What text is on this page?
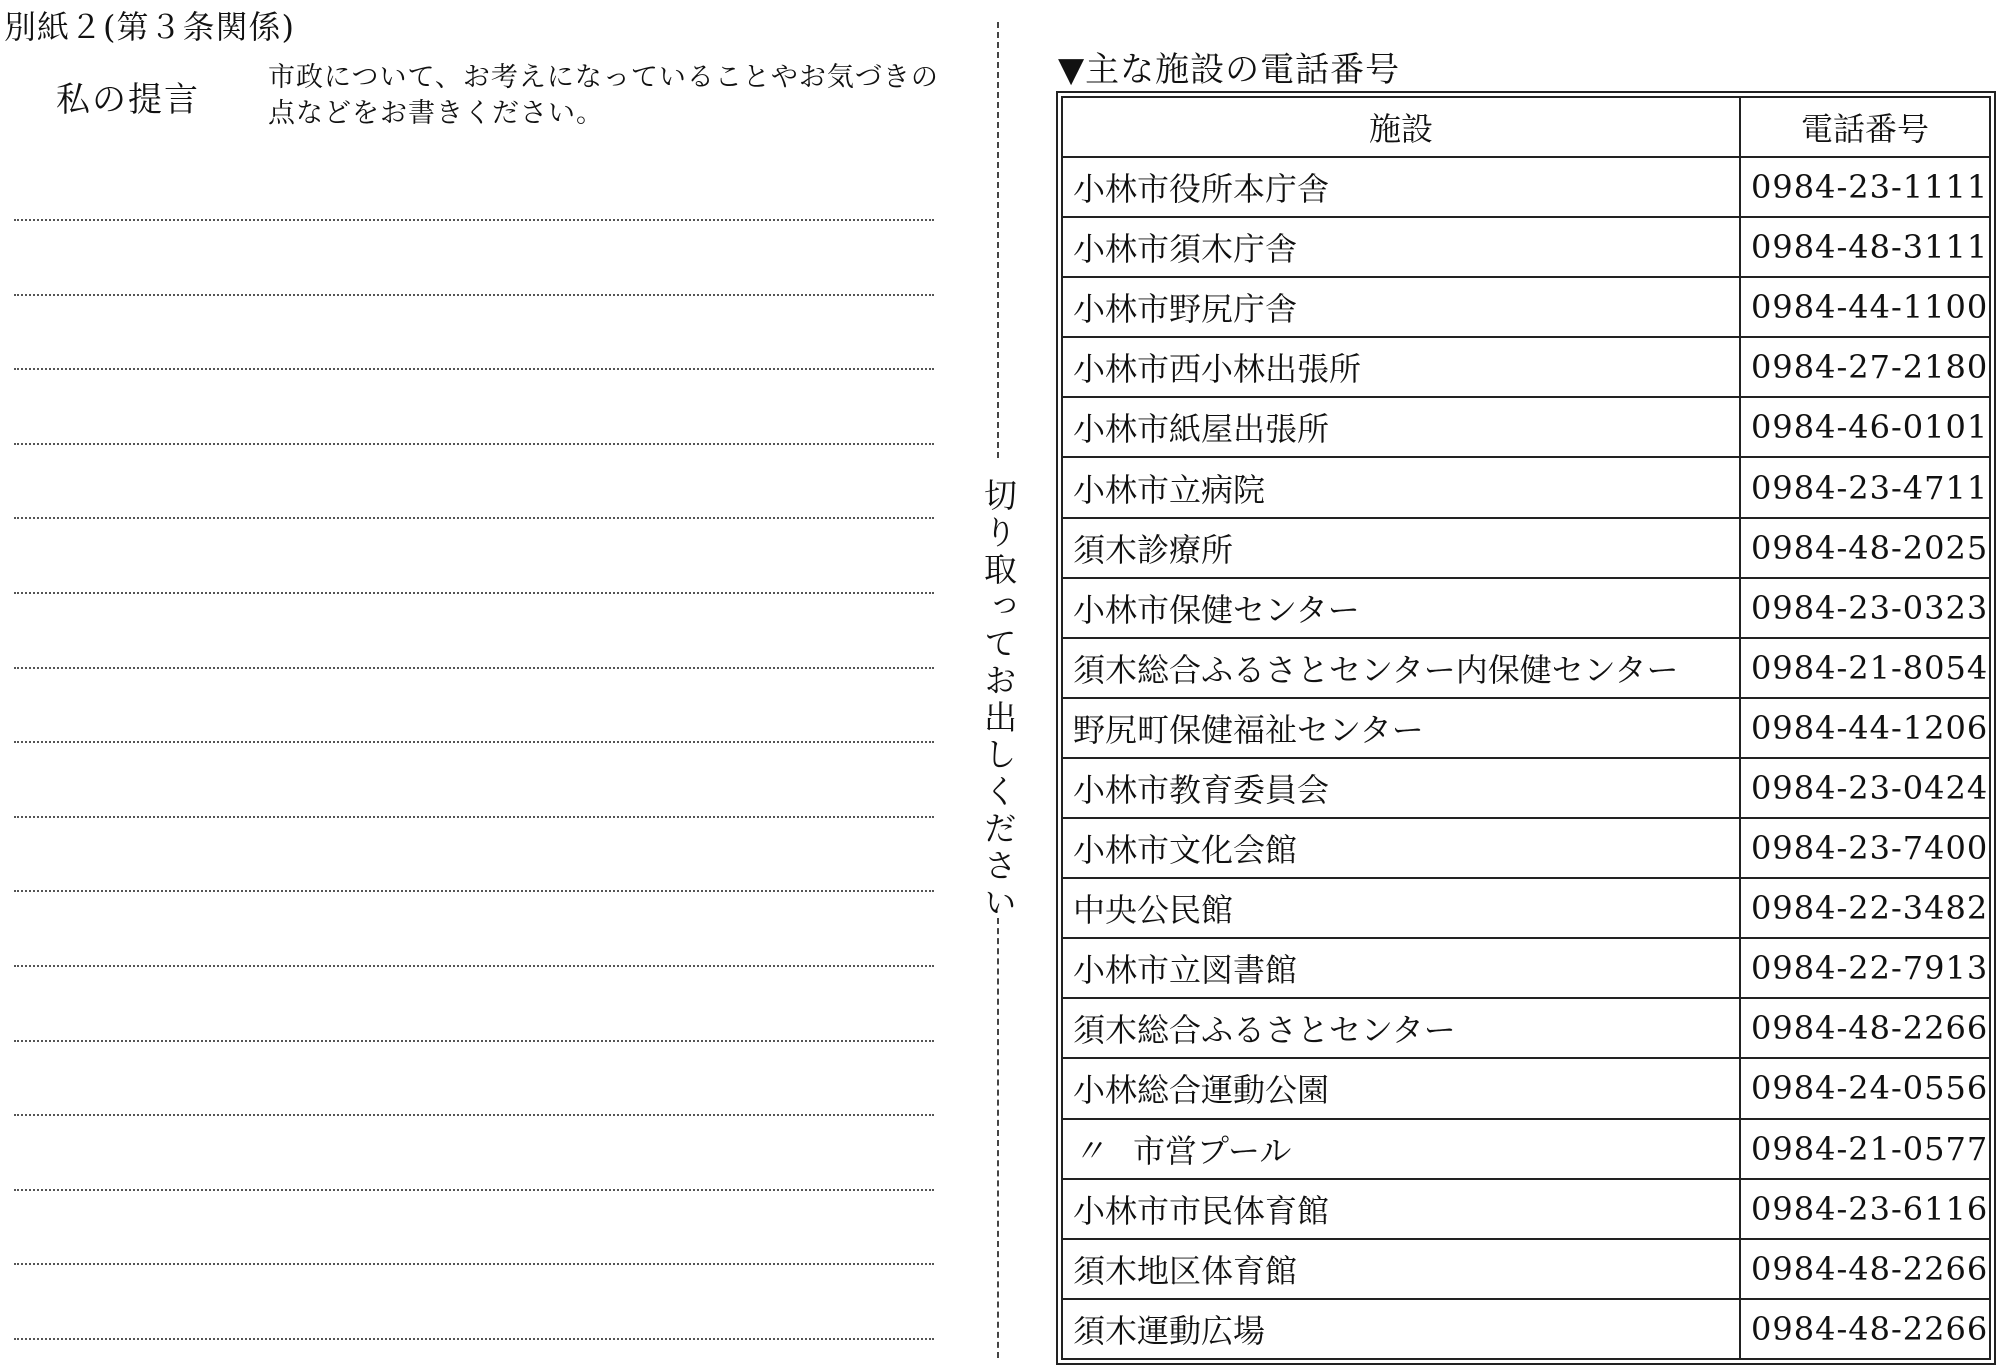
別紙２(第３条関係)
私の提言
市政について、お考えになっていることやお気づきの点などをお書きください。
切り取ってお出しください
▼主な施設の電話番号
施設	電話番号
小林市役所本庁舎	0984-23-1111
小林市須木庁舎	0984-48-3111
小林市野尻庁舎	0984-44-1100
小林市西小林出張所	0984-27-2180
小林市紙屋出張所	0984-46-0101
小林市立病院	0984-23-4711
須木診療所	0984-48-2025
小林市保健センター	0984-23-0323
須木総合ふるさとセンター内保健センター	0984-21-8054
野尻町保健福祉センター	0984-44-1206
小林市教育委員会	0984-23-0424
小林市文化会館	0984-23-7400
中央公民館	0984-22-3482
小林市立図書館	0984-22-7913
須木総合ふるさとセンター	0984-48-2266
小林総合運動公園	0984-24-0556
〃 市営プール	0984-21-0577
小林市市民体育館	0984-23-6116
須木地区体育館	0984-48-2266
須木運動広場	0984-48-2266
